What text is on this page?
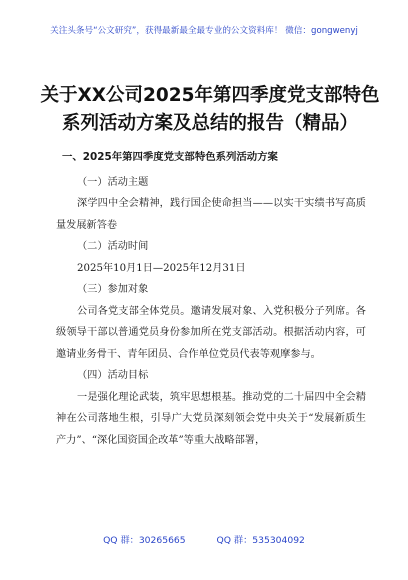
关注头条号“公文研究”，获得最新最全最专业的公文资料库！ 微信：gongwenyj
关于XX公司2025年第四季度党支部特色系列活动方案及总结的报告（精品）
一、2025年第四季度党支部特色系列活动方案
（一）活动主题
深学四中全会精神，践行国企使命担当——以实干实绩书写高质量发展新答卷
（二）活动时间
2025年10月1日—2025年12月31日
（三）参加对象
公司各党支部全体党员。邀请发展对象、入党积极分子列席。各级领导干部以普通党员身份参加所在党支部活动。根据活动内容，可邀请业务骨干、青年团员、合作单位党员代表等观摩参与。
（四）活动目标
一是强化理论武装，筑牢思想根基。推动党的二十届四中全会精神在公司落地生根，引导广大党员深刻领会党中央关于“发展新质生产力”、“深化国资国企改革”等重大战略部署，
QQ 群：30265665	QQ 群：535304092
